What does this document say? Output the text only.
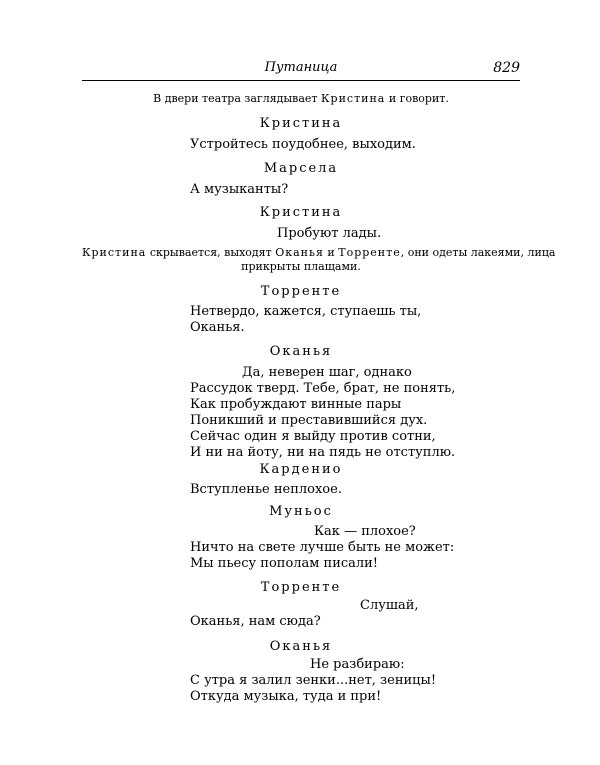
Путаница	829
В двери театра заглядывает Кристина и говорит.
Кристина
Устройтесь поудобнее, выходим.
Марсела
А музыканты?
Кристина
Пробуют лады.
Кристина скрывается, выходят Оканья и Торренте, они одеты лакеями, лица
прикрыты плащами.
Торренте
Нетвердо, кажется, ступаешь ты,
Оканья.
Оканья
Да, неверен шаг, однако
Рассудок тверд. Тебе, брат, не понять,
Как пробуждают винные пары
Поникший и преставившийся дух.
Сейчас один я выйду против сотни,
И ни на йоту, ни на пядь не отступлю.
Карденио
Вступленье неплохое.
Муньос
Как — плохое?
Ничто на свете лучше быть не может:
Мы пьесу пополам писали!
Торренте
Слушай,
Оканья, нам сюда?
Оканья
Не разбираю:
С утра я залил зенки...нет, зеницы!
Откуда музыка, туда и при!
